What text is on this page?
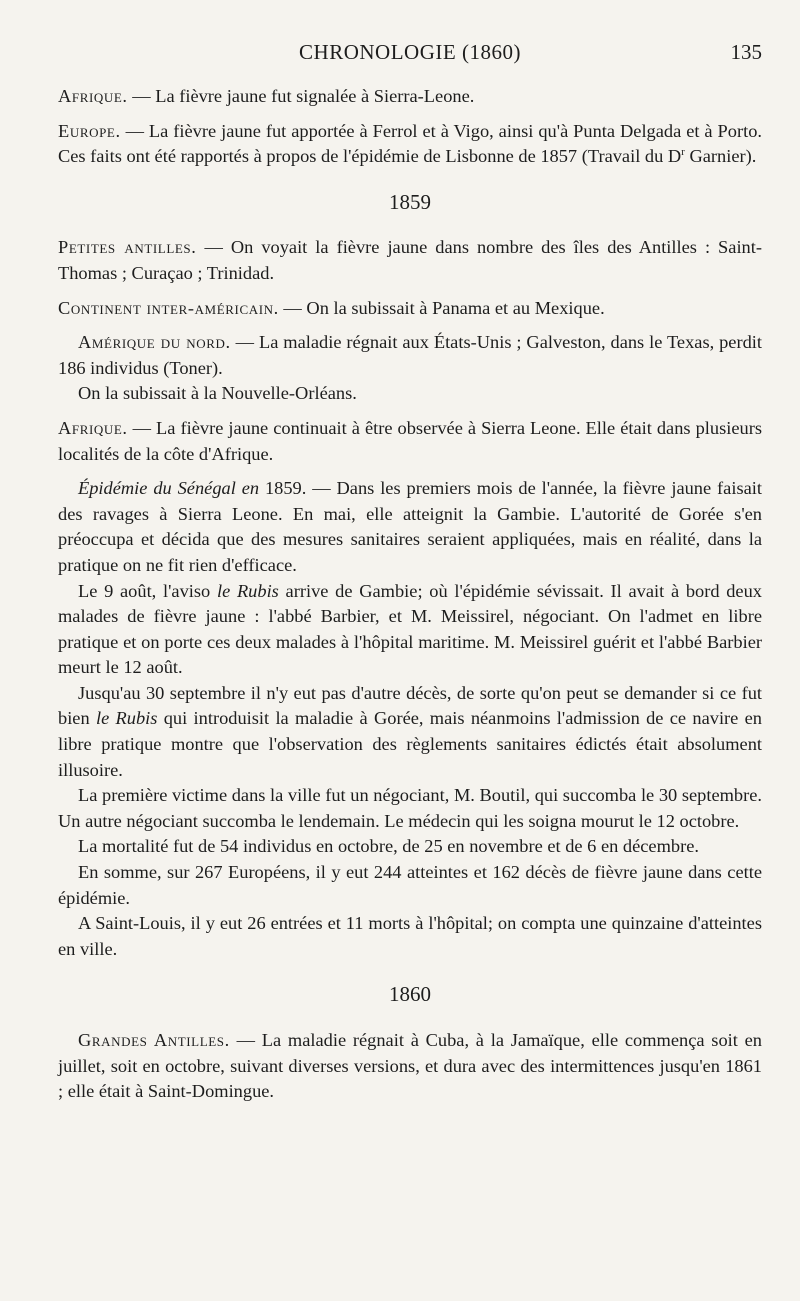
CHRONOLOGIE (1860)	135

Afrique. — La fièvre jaune fut signalée à Sierra-Leone.

Europe. — La fièvre jaune fut apportée à Ferrol et à Vigo, ainsi qu'à Punta Delgada et à Porto. Ces faits ont été rapportés à propos de l'épidémie de Lisbonne de 1857 (Travail du $D^r$ Garnier).

1859

Petites antilles. — On voyait la fièvre jaune dans nombre des îles des Antilles : Saint-Thomas ; Curaçao ; Trinidad.

Continent inter-américain. — On la subissait à Panama et au Mexique.

Amérique du nord. — La maladie régnait aux États-Unis ; Galveston, dans le Texas, perdit 186 individus (Toner).

On la subissait à la Nouvelle-Orléans.

Afrique. — La fièvre jaune continuait à être observée à Sierra Leone. Elle était dans plusieurs localités de la côte d'Afrique.

Épidémie du Sénégal en 1859. — Dans les premiers mois de l'année, la fièvre jaune faisait des ravages à Sierra Leone. En mai, elle atteignit la Gambie. L'autorité de Gorée s'en préoccupa et décida que des mesures sanitaires seraient appliquées, mais en réalité, dans la pratique on ne fit rien d'efficace.

Le 9 août, l'aviso le Rubis arrive de Gambie; où l'épidémie sévissait. Il avait à bord deux malades de fièvre jaune : l'abbé Barbier, et M. Meissirel, négociant. On l'admet en libre pratique et on porte ces deux malades à l'hôpital maritime. M. Meissirel guérit et l'abbé Barbier meurt le 12 août.

Jusqu'au 30 septembre il n'y eut pas d'autre décès, de sorte qu'on peut se demander si ce fut bien le Rubis qui introduisit la maladie à Gorée, mais néanmoins l'admission de ce navire en libre pratique montre que l'observation des règlements sanitaires édictés était absolument illusoire.

La première victime dans la ville fut un négociant, M. Boutil, qui succomba le 30 septembre. Un autre négociant succomba le lendemain. Le médecin qui les soigna mourut le 12 octobre.

La mortalité fut de 54 individus en octobre, de 25 en novembre et de 6 en décembre.

En somme, sur 267 Européens, il y eut 244 atteintes et 162 décès de fièvre jaune dans cette épidémie.

A Saint-Louis, il y eut 26 entrées et 11 morts à l'hôpital; on compta une quinzaine d'atteintes en ville.

1860

Grandes Antilles. — La maladie régnait à Cuba, à la Jamaïque, elle commença soit en juillet, soit en octobre, suivant diverses versions, et dura avec des intermittences jusqu'en 1861 ; elle était à Saint-Domingue.
